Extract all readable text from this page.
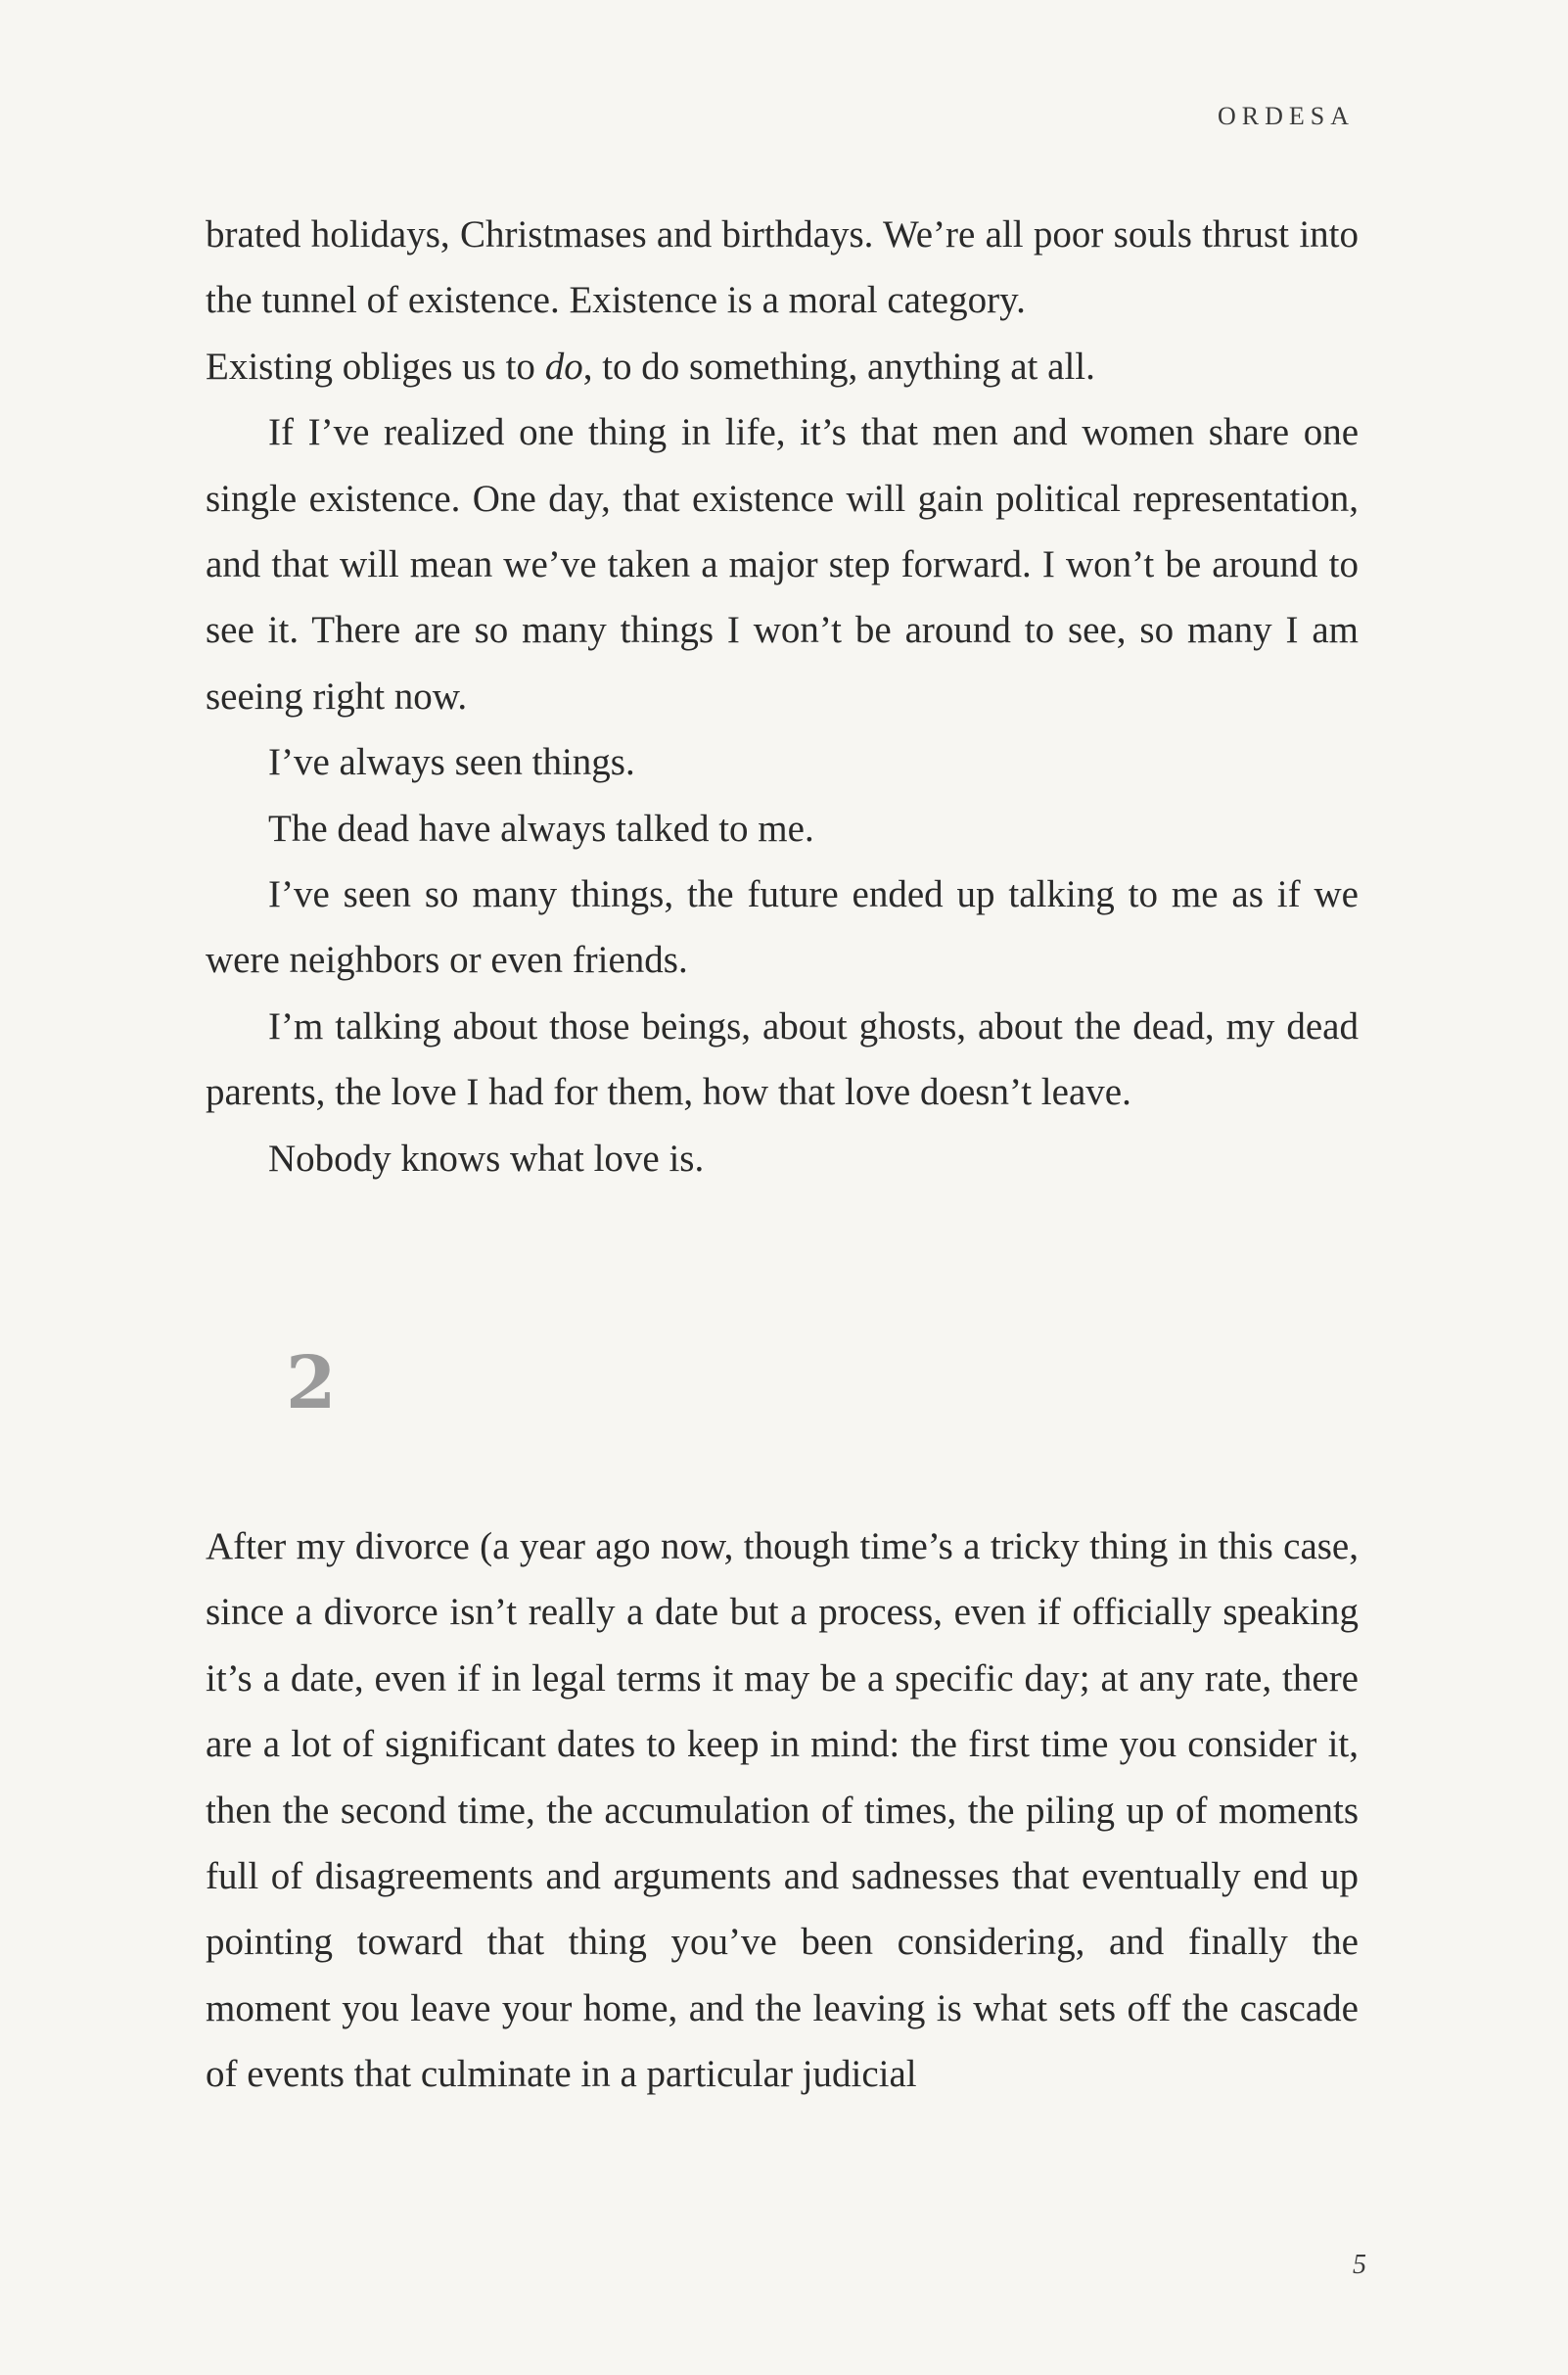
ORDESA

brated holidays, Christmases and birthdays. We’re all poor souls thrust into the tunnel of existence. Existence is a moral category.

Existing obliges us to do, to do something, anything at all.

If I’ve realized one thing in life, it’s that men and women share one single existence. One day, that existence will gain political representation, and that will mean we’ve taken a major step forward. I won’t be around to see it. There are so many things I won’t be around to see, so many I am seeing right now.

I’ve always seen things.

The dead have always talked to me.

I’ve seen so many things, the future ended up talking to me as if we were neighbors or even friends.

I’m talking about those beings, about ghosts, about the dead, my dead parents, the love I had for them, how that love doesn’t leave.

Nobody knows what love is.

2

After my divorce (a year ago now, though time’s a tricky thing in this case, since a divorce isn’t really a date but a process, even if officially speaking it’s a date, even if in legal terms it may be a specific day; at any rate, there are a lot of significant dates to keep in mind: the first time you consider it, then the second time, the accumulation of times, the piling up of moments full of disagreements and arguments and sadnesses that eventually end up pointing toward that thing you’ve been considering, and finally the moment you leave your home, and the leaving is what sets off the cascade of events that culminate in a particular judicial

5
